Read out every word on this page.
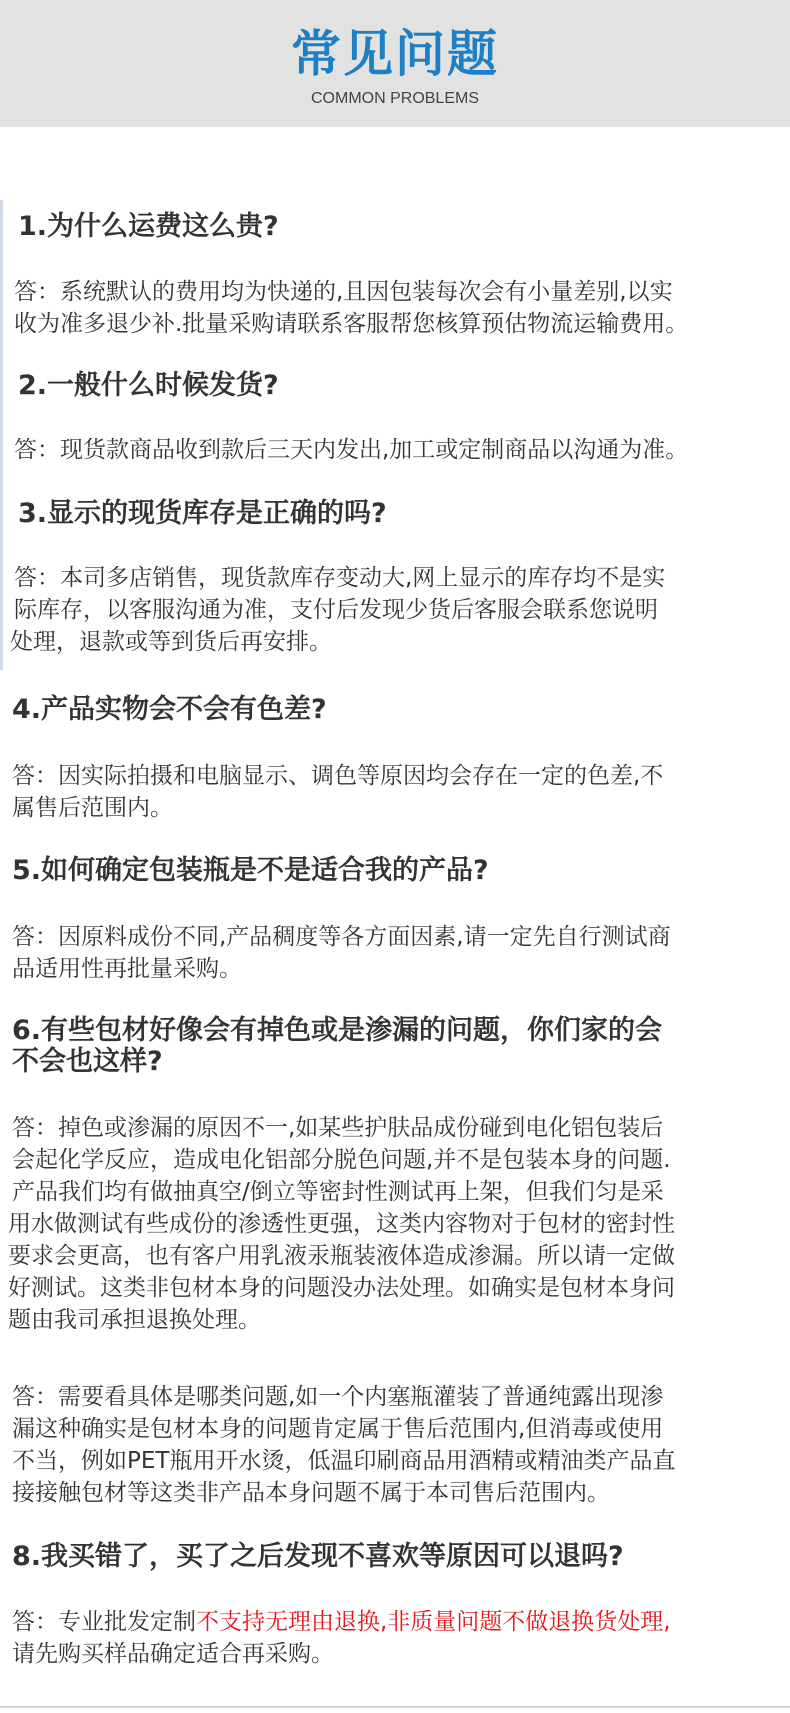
常见问题
COMMON PROBLEMS

1.为什么运费这么贵?

答：系统默认的费用均为快递的,且因包装每次会有小量差别,以实

收为准多退少补.批量采购请联系客服帮您核算预估物流运输费用。

2.一般什么时候发货?

答：现货款商品收到款后三天内发出,加工或定制商品以沟通为准。

3.显示的现货库存是正确的吗?

答：本司多店销售，现货款库存变动大,网上显示的库存均不是实

际库存，以客服沟通为准，支付后发现少货后客服会联系您说明

处理，退款或等到货后再安排。

4.产品实物会不会有色差?

答：因实际拍摄和电脑显示、调色等原因均会存在一定的色差,不

属售后范围内。

5.如何确定包装瓶是不是适合我的产品?

答：因原料成份不同,产品稠度等各方面因素,请一定先自行测试商

品适用性再批量采购。

6.有些包材好像会有掉色或是渗漏的问题，你们家的会

不会也这样?

答：掉色或渗漏的原因不一,如某些护肤品成份碰到电化铝包装后

会起化学反应，造成电化铝部分脱色问题,并不是包装本身的问题.

产品我们均有做抽真空/倒立等密封性测试再上架，但我们匀是采

用水做测试有些成份的渗透性更强，这类内容物对于包材的密封性

要求会更高，也有客户用乳液汞瓶装液体造成渗漏。所以请一定做

好测试。这类非包材本身的问题没办法处理。如确实是包材本身问

题由我司承担退换处理。

答：需要看具体是哪类问题,如一个内塞瓶灌装了普通纯露出现渗

漏这种确实是包材本身的问题肯定属于售后范围内,但消毒或使用

不当，例如PET瓶用开水烫，低温印刷商品用酒精或精油类产品直

接接触包材等这类非产品本身问题不属于本司售后范围内。

8.我买错了，买了之后发现不喜欢等原因可以退吗?

答：专业批发定制不支持无理由退换,非质量问题不做退换货处理,

请先购买样品确定适合再采购。
